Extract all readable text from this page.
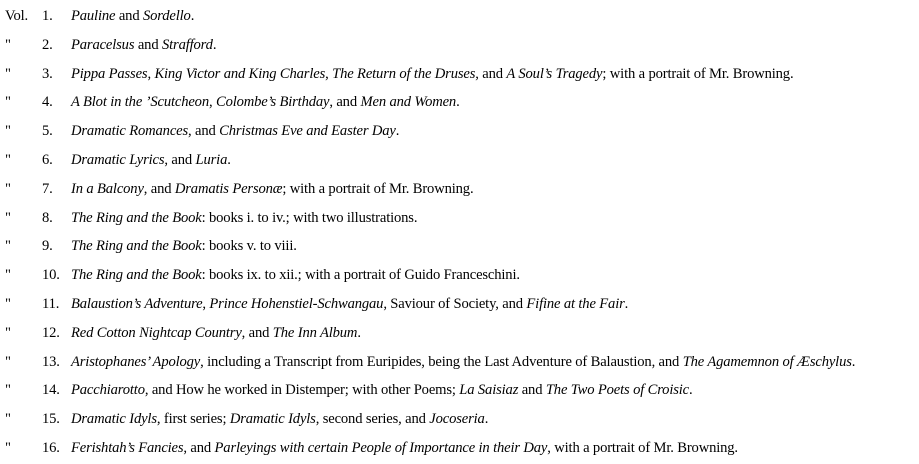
Vol. 1. Pauline and Sordello.
" 2. Paracelsus and Strafford.
" 3. Pippa Passes, King Victor and King Charles, The Return of the Druses, and A Soul’s Tragedy; with a portrait of Mr. Browning.
" 4. A Blot in the ’Scutcheon, Colombe’s Birthday, and Men and Women.
" 5. Dramatic Romances, and Christmas Eve and Easter Day.
" 6. Dramatic Lyrics, and Luria.
" 7. In a Balcony, and Dramatis Personæ; with a portrait of Mr. Browning.
" 8. The Ring and the Book: books i. to iv.; with two illustrations.
" 9. The Ring and the Book: books v. to viii.
" 10. The Ring and the Book: books ix. to xii.; with a portrait of Guido Franceschini.
" 11. Balaustion’s Adventure, Prince Hohenstiel-Schwangau, Saviour of Society, and Fifine at the Fair.
" 12. Red Cotton Nightcap Country, and The Inn Album.
" 13. Aristophanes’ Apology, including a Transcript from Euripides, being the Last Adventure of Balaustion, and The Agamemnon of Æschylus.
" 14. Pacchiarotto, and How he worked in Distemper; with other Poems; La Saisiaz and The Two Poets of Croisic.
" 15. Dramatic Idyls, first series; Dramatic Idyls, second series, and Jocoseria.
" 16. Ferishtah’s Fancies, and Parleyings with certain People of Importance in their Day, with a portrait of Mr. Browning.
